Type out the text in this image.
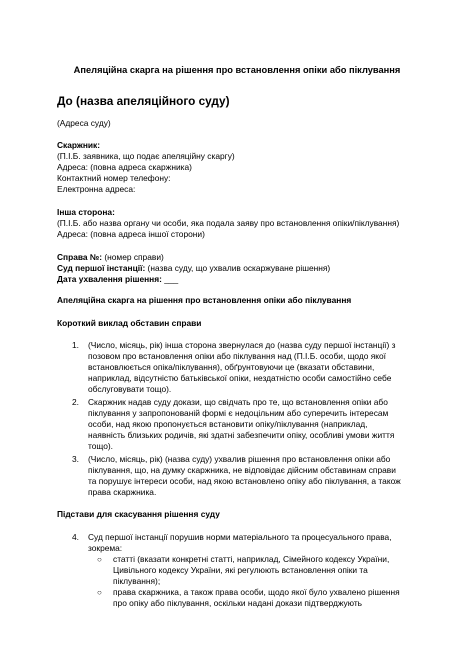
Апеляційна скарга на рішення про встановлення опіки або піклування
До (назва апеляційного суду)
(Адреса суду)
Скаржник:
(П.І.Б. заявника, що подає апеляційну скаргу)
Адреса: (повна адреса скаржника)
Контактний номер телефону:
Електронна адреса:
Інша сторона:
(П.І.Б. або назва органу чи особи, яка подала заяву про встановлення опіки/піклування)
Адреса: (повна адреса іншої сторони)
Справа №: (номер справи)
Суд першої інстанції: (назва суду, що ухвалив оскаржуване рішення)
Дата ухвалення рішення: ___
Апеляційна скарга на рішення про встановлення опіки або піклування
Короткий виклад обставин справи
1. (Число, місяць, рік) інша сторона звернулася до (назва суду першої інстанції) з
позовом про встановлення опіки або піклування над (П.І.Б. особи, щодо якої
встановлюється опіка/піклування), обґрунтовуючи це (вказати обставини,
наприклад, відсутністю батьківської опіки, нездатністю особи самостійно себе
обслуговувати тощо).
2. Скаржник надав суду докази, що свідчать про те, що встановлення опіки або
піклування у запропонованій формі є недоцільним або суперечить інтересам
особи, над якою пропонується встановити опіку/піклування (наприклад,
наявність близьких родичів, які здатні забезпечити опіку, особливі умови життя
тощо).
3. (Число, місяць, рік) (назва суду) ухвалив рішення про встановлення опіки або
піклування, що, на думку скаржника, не відповідає дійсним обставинам справи
та порушує інтереси особи, над якою встановлено опіку або піклування, а також
права скаржника.
Підстави для скасування рішення суду
4. Суд першої інстанції порушив норми матеріального та процесуального права,
зокрема:
○ статті (вказати конкретні статті, наприклад, Сімейного кодексу України,
Цивільного кодексу України, які регулюють встановлення опіки та
піклування);
○ права скаржника, а також права особи, щодо якої було ухвалено рішення
про опіку або піклування, оскільки надані докази підтверджують
